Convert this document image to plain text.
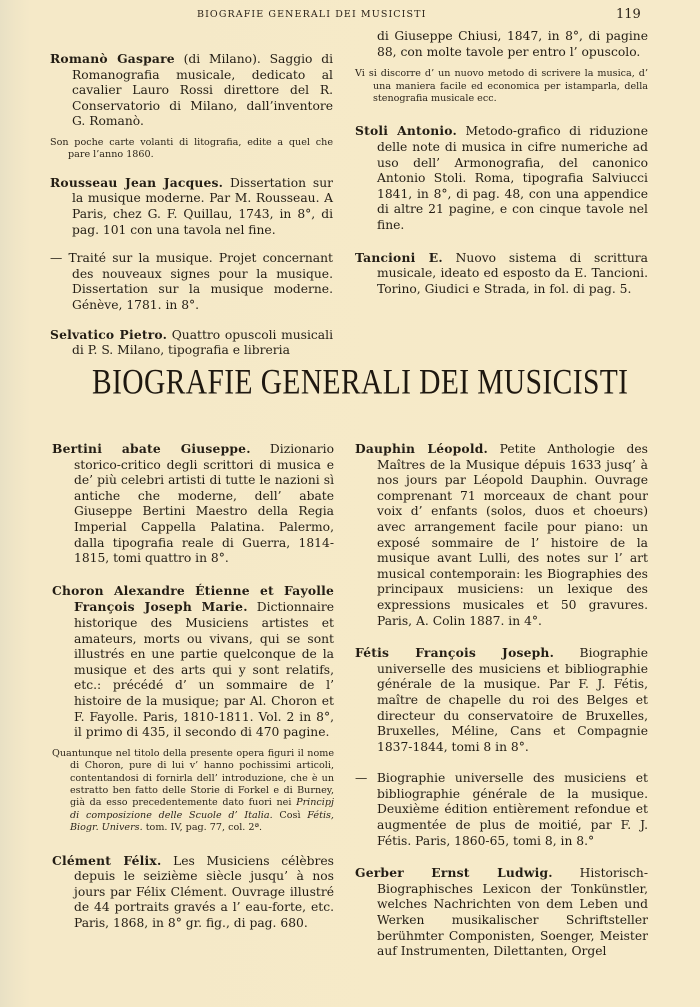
BIOGRAFIE GENERALI DEI MUSICISTI	119

Romanò Gaspare (di Milano). Saggio di Romanografia musicale, dedicato al cavalier Lauro Rossi direttore del R. Conservatorio di Milano, dall’inventore G. Romanò.

Son poche carte volanti di litografia, edite a quel che pare l’anno 1860.

Rousseau Jean Jacques. Dissertation sur la musique moderne. Par M. Rousseau. A Paris, chez G. F. Quillau, 1743, in 8°, di pag. 101 con una tavola nel fine.

— Traité sur la musique. Projet concernant des nouveaux signes pour la musique. Dissertation sur la musique moderne. Génève, 1781. in 8°.

Selvatico Pietro. Quattro opuscoli musicali di P. S. Milano, tipografia e libreria

di Giuseppe Chiusi, 1847, in 8°, di pagine 88, con molte tavole per entro l’ opuscolo.

Vi si discorre d’ un nuovo metodo di scrivere la musica, d’ una maniera facile ed economica per istamparla, della stenografia musicale ecc.

Stoli Antonio. Metodo-grafico di riduzione delle note di musica in cifre numeriche ad uso dell’ Armonografia, del canonico Antonio Stoli. Roma, tipografia Salviucci 1841, in 8°, di pag. 48, con una appendice di altre 21 pagine, e con cinque tavole nel fine.

Tancioni E. Nuovo sistema di scrittura musicale, ideato ed esposto da E. Tancioni. Torino, Giudici e Strada, in fol. di pag. 5.

BIOGRAFIE GENERALI DEI MUSICISTI

Bertini abate Giuseppe. Dizionario storico-critico degli scrittori di musica e de’ più celebri artisti di tutte le nazioni sì antiche che moderne, dell’ abate Giuseppe Bertini Maestro della Regia Imperial Cappella Palatina. Palermo, dalla tipografia reale di Guerra, 1814-1815, tomi quattro in 8°.

Choron Alexandre Étienne et Fayolle François Joseph Marie. Dictionnaire historique des Musiciens artistes et amateurs, morts ou vivans, qui se sont illustrés en une partie quelconque de la musique et des arts qui y sont relatifs, etc.: précédé d’ un sommaire de l’ histoire de la musique; par Al. Choron et F. Fayolle. Paris, 1810-1811. Vol. 2 in 8°, il primo di 435, il secondo di 470 pagine.

Quantunque nel titolo della presente opera figuri il nome di Choron, pure di lui v’ hanno pochissimi articoli, contentandosi di fornirla dell’ introduzione, che è un estratto ben fatto delle Storie di Forkel e di Burney, già da esso precedentemente dato fuori nei Principj di composizione delle Scuole d’ Italia. Così Fétis, Biogr. Univers. tom. IV, pag. 77, col. 2ª.

Clément Félix. Les Musiciens célèbres depuis le seizième siècle jusqu’ à nos jours par Félix Clément. Ouvrage illustré de 44 portraits gravés a l’ eau-forte, etc. Paris, 1868, in 8° gr. fig., di pag. 680.

Dauphin Léopold. Petite Anthologie des Maîtres de la Musique dépuis 1633 jusq’ à nos jours par Léopold Dauphin. Ouvrage comprenant 71 morceaux de chant pour voix d’ enfants (solos, duos et choeurs) avec arrangement facile pour piano: un exposé sommaire de l’ histoire de la musique avant Lulli, des notes sur l’ art musical contemporain: les Biographies des principaux musiciens: un lexique des expressions musicales et 50 gravures. Paris, A. Colin 1887. in 4°.

Fétis François Joseph. Biographie universelle des musiciens et bibliographie générale de la musique. Par F. J. Fétis, maître de chapelle du roi des Belges et directeur du conservatoire de Bruxelles, Bruxelles, Méline, Cans et Compagnie 1837-1844, tomi 8 in 8°.

— Biographie universelle des musiciens et bibliographie générale de la musique. Deuxième édition entièrement refondue et augmentée de plus de moitié, par F. J. Fétis. Paris, 1860-65, tomi 8, in 8.°

Gerber Ernst Ludwig. Historisch-Biographisches Lexicon der Tonkünstler, welches Nachrichten von dem Leben und Werken musikalischer Schriftsteller berühmter Componisten, Soenger, Meister auf Instrumenten, Dilettanten, Orgel
